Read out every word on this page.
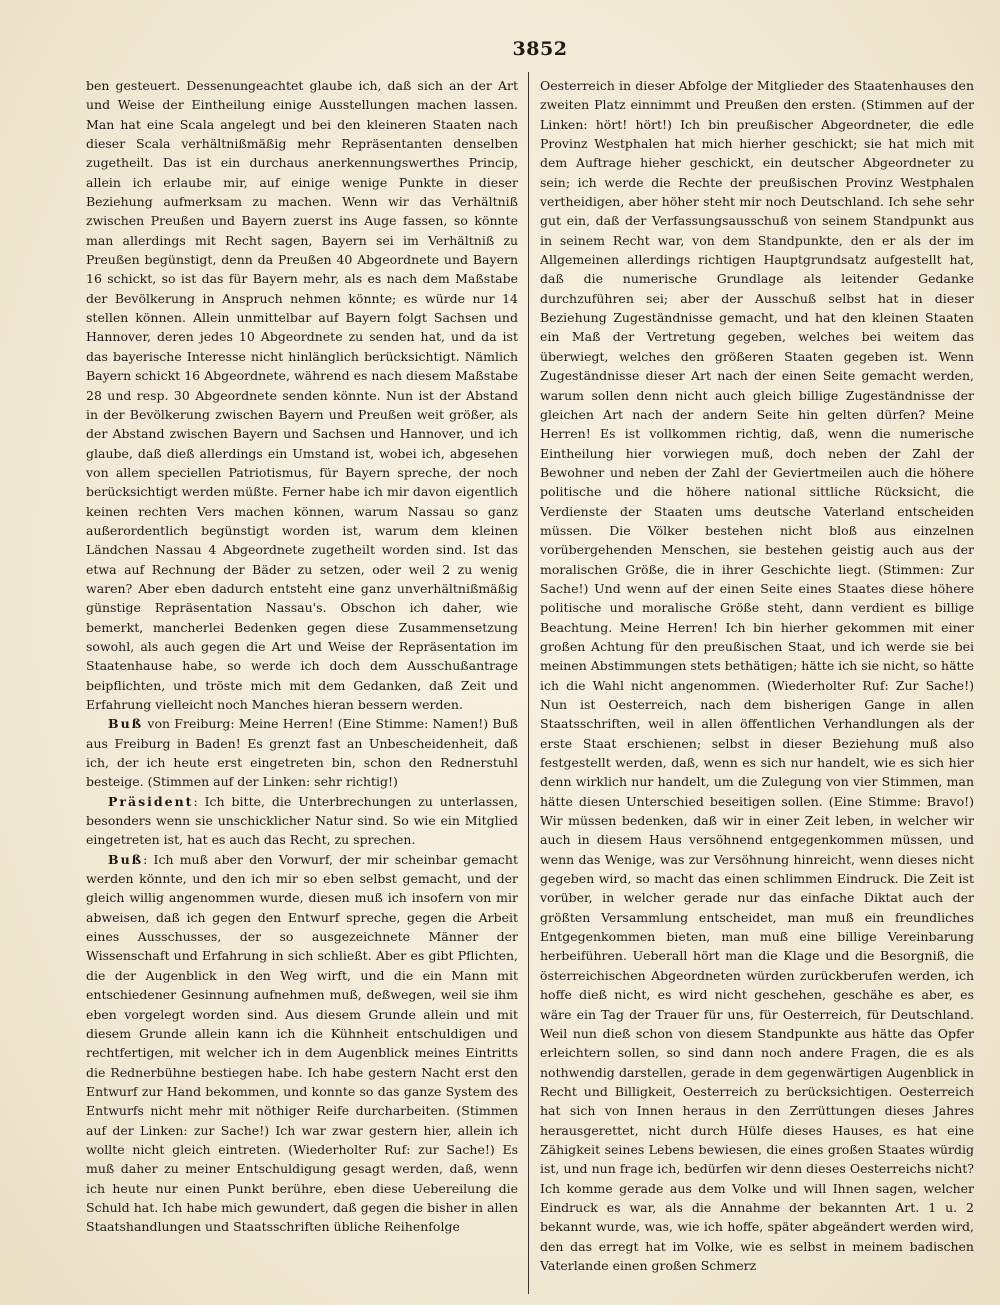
3852

ben gesteuert. Dessenungeachtet glaube ich, daß sich an der Art und Weise der Eintheilung einige Ausstellungen machen lassen. Man hat eine Scala angelegt und bei den kleineren Staaten nach dieser Scala verhältnißmäßig mehr Repräsentanten denselben zugetheilt. Das ist ein durchaus anerkennungswerthes Princip, allein ich erlaube mir, auf einige wenige Punkte in dieser Beziehung aufmerksam zu machen. Wenn wir das Verhältniß zwischen Preußen und Bayern zuerst ins Auge fassen, so könnte man allerdings mit Recht sagen, Bayern sei im Verhältniß zu Preußen begünstigt, denn da Preußen 40 Abgeordnete und Bayern 16 schickt, so ist das für Bayern mehr, als es nach dem Maßstabe der Bevölkerung in Anspruch nehmen könnte; es würde nur 14 stellen können. Allein unmittelbar auf Bayern folgt Sachsen und Hannover, deren jedes 10 Abgeordnete zu senden hat, und da ist das bayerische Interesse nicht hinlänglich berücksichtigt. Nämlich Bayern schickt 16 Abgeordnete, während es nach diesem Maßstabe 28 und resp. 30 Abgeordnete senden könnte. Nun ist der Abstand in der Bevölkerung zwischen Bayern und Preußen weit größer, als der Abstand zwischen Bayern und Sachsen und Hannover, und ich glaube, daß dieß allerdings ein Umstand ist, wobei ich, abgesehen von allem speciellen Patriotismus, für Bayern spreche, der noch berücksichtigt werden müßte. Ferner habe ich mir davon eigentlich keinen rechten Vers machen können, warum Nassau so ganz außerordentlich begünstigt worden ist, warum dem kleinen Ländchen Nassau 4 Abgeordnete zugetheilt worden sind. Ist das etwa auf Rechnung der Bäder zu setzen, oder weil 2 zu wenig waren? Aber eben dadurch entsteht eine ganz unverhältnißmäßig günstige Repräsentation Nassau's. Obschon ich daher, wie bemerkt, mancherlei Bedenken gegen diese Zusammensetzung sowohl, als auch gegen die Art und Weise der Repräsentation im Staatenhause habe, so werde ich doch dem Ausschußantrage beipflichten, und tröste mich mit dem Gedanken, daß Zeit und Erfahrung vielleicht noch Manches hieran bessern werden.

Buß von Freiburg: Meine Herren! (Eine Stimme: Namen!) Buß aus Freiburg in Baden! Es grenzt fast an Unbescheidenheit, daß ich, der ich heute erst eingetreten bin, schon den Rednerstuhl besteige. (Stimmen auf der Linken: sehr richtig!)

Präsident: Ich bitte, die Unterbrechungen zu unterlassen, besonders wenn sie unschicklicher Natur sind. So wie ein Mitglied eingetreten ist, hat es auch das Recht, zu sprechen.

Buß: Ich muß aber den Vorwurf, der mir scheinbar gemacht werden könnte, und den ich mir so eben selbst gemacht, und der gleich willig angenommen wurde, diesen muß ich insofern von mir abweisen, daß ich gegen den Entwurf spreche, gegen die Arbeit eines Ausschusses, der so ausgezeichnete Männer der Wissenschaft und Erfahrung in sich schließt. Aber es gibt Pflichten, die der Augenblick in den Weg wirft, und die ein Mann mit entschiedener Gesinnung aufnehmen muß, deßwegen, weil sie ihm eben vorgelegt worden sind. Aus diesem Grunde allein und mit diesem Grunde allein kann ich die Kühnheit entschuldigen und rechtfertigen, mit welcher ich in dem Augenblick meines Eintritts die Rednerbühne bestiegen habe. Ich habe gestern Nacht erst den Entwurf zur Hand bekommen, und konnte so das ganze System des Entwurfs nicht mehr mit nöthiger Reife durcharbeiten. (Stimmen auf der Linken: zur Sache!) Ich war zwar gestern hier, allein ich wollte nicht gleich eintreten. (Wiederholter Ruf: zur Sache!) Es muß daher zu meiner Entschuldigung gesagt werden, daß, wenn ich heute nur einen Punkt berühre, eben diese Uebereilung die Schuld hat. Ich habe mich gewundert, daß gegen die bisher in allen Staatshandlungen und Staatsschriften übliche Reihenfolge

Oesterreich in dieser Abfolge der Mitglieder des Staatenhauses den zweiten Platz einnimmt und Preußen den ersten. (Stimmen auf der Linken: hört! hört!) Ich bin preußischer Abgeordneter, die edle Provinz Westphalen hat mich hierher geschickt; sie hat mich mit dem Auftrage hieher geschickt, ein deutscher Abgeordneter zu sein; ich werde die Rechte der preußischen Provinz Westphalen vertheidigen, aber höher steht mir noch Deutschland. Ich sehe sehr gut ein, daß der Verfassungsausschuß von seinem Standpunkt aus in seinem Recht war, von dem Standpunkte, den er als der im Allgemeinen allerdings richtigen Hauptgrundsatz aufgestellt hat, daß die numerische Grundlage als leitender Gedanke durchzuführen sei; aber der Ausschuß selbst hat in dieser Beziehung Zugeständnisse gemacht, und hat den kleinen Staaten ein Maß der Vertretung gegeben, welches bei weitem das überwiegt, welches den größeren Staaten gegeben ist. Wenn Zugeständnisse dieser Art nach der einen Seite gemacht werden, warum sollen denn nicht auch gleich billige Zugeständnisse der gleichen Art nach der andern Seite hin gelten dürfen? Meine Herren! Es ist vollkommen richtig, daß, wenn die numerische Eintheilung hier vorwiegen muß, doch neben der Zahl der Bewohner und neben der Zahl der Geviertmeilen auch die höhere politische und die höhere national sittliche Rücksicht, die Verdienste der Staaten ums deutsche Vaterland entscheiden müssen. Die Völker bestehen nicht bloß aus einzelnen vorübergehenden Menschen, sie bestehen geistig auch aus der moralischen Größe, die in ihrer Geschichte liegt. (Stimmen: Zur Sache!) Und wenn auf der einen Seite eines Staates diese höhere politische und moralische Größe steht, dann verdient es billige Beachtung. Meine Herren! Ich bin hierher gekommen mit einer großen Achtung für den preußischen Staat, und ich werde sie bei meinen Abstimmungen stets bethätigen; hätte ich sie nicht, so hätte ich die Wahl nicht angenommen. (Wiederholter Ruf: Zur Sache!) Nun ist Oesterreich, nach dem bisherigen Gange in allen Staatsschriften, weil in allen öffentlichen Verhandlungen als der erste Staat erschienen; selbst in dieser Beziehung muß also festgestellt werden, daß, wenn es sich nur handelt, wie es sich hier denn wirklich nur handelt, um die Zulegung von vier Stimmen, man hätte diesen Unterschied beseitigen sollen. (Eine Stimme: Bravo!) Wir müssen bedenken, daß wir in einer Zeit leben, in welcher wir auch in diesem Haus versöhnend entgegenkommen müssen, und wenn das Wenige, was zur Versöhnung hinreicht, wenn dieses nicht gegeben wird, so macht das einen schlimmen Eindruck. Die Zeit ist vorüber, in welcher gerade nur das einfache Diktat auch der größten Versammlung entscheidet, man muß ein freundliches Entgegenkommen bieten, man muß eine billige Vereinbarung herbeiführen. Ueberall hört man die Klage und die Besorgniß, die österreichischen Abgeordneten würden zurückberufen werden, ich hoffe dieß nicht, es wird nicht geschehen, geschähe es aber, es wäre ein Tag der Trauer für uns, für Oesterreich, für Deutschland. Weil nun dieß schon von diesem Standpunkte aus hätte das Opfer erleichtern sollen, so sind dann noch andere Fragen, die es als nothwendig darstellen, gerade in dem gegenwärtigen Augenblick in Recht und Billigkeit, Oesterreich zu berücksichtigen. Oesterreich hat sich von Innen heraus in den Zerrüttungen dieses Jahres herausgerettet, nicht durch Hülfe dieses Hauses, es hat eine Zähigkeit seines Lebens bewiesen, die eines großen Staates würdig ist, und nun frage ich, bedürfen wir denn dieses Oesterreichs nicht? Ich komme gerade aus dem Volke und will Ihnen sagen, welcher Eindruck es war, als die Annahme der bekannten Art. 1 u. 2 bekannt wurde, was, wie ich hoffe, später abgeändert werden wird, den das erregt hat im Volke, wie es selbst in meinem badischen Vaterlande einen großen Schmerz
